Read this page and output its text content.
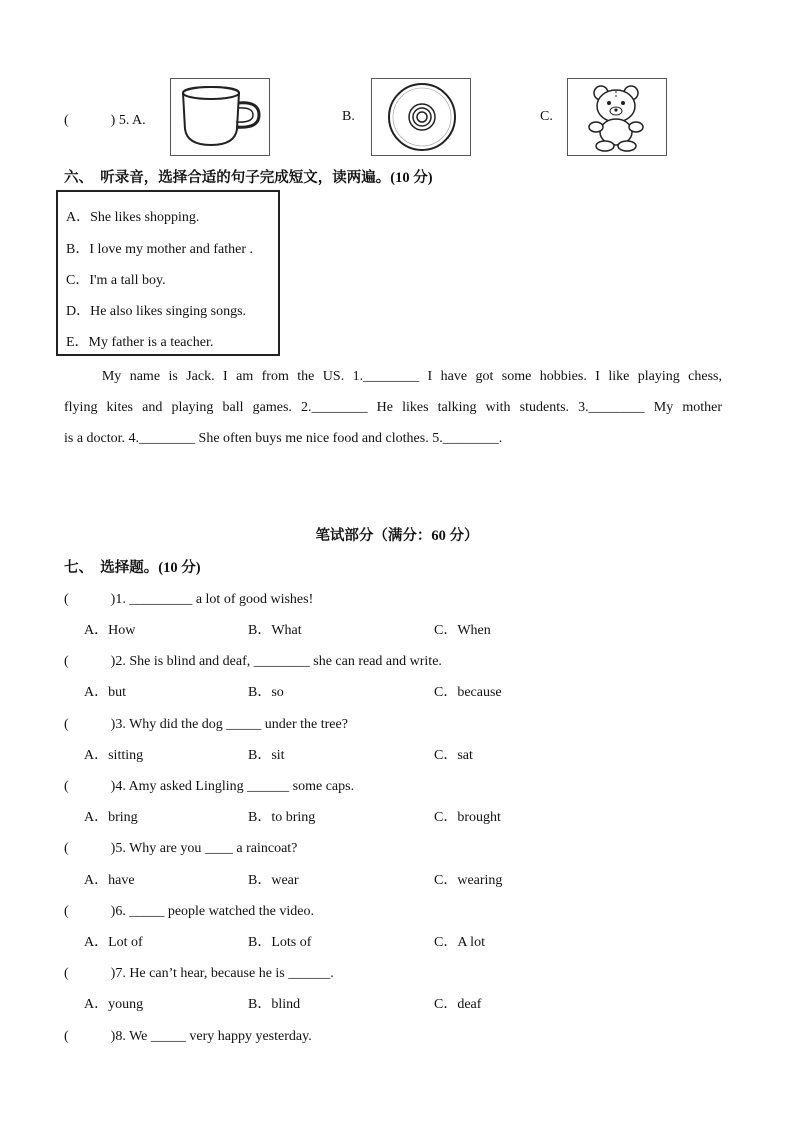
(　　　) 5. A.	B.	C.
六、　听录音，选择合适的句子完成短文，读两遍。(10 分)
A．She likes shopping.
B．I love my mother and father .
C．I'm a tall boy.
D．He also likes singing songs.
E．My father is a teacher.
　　My name is Jack. I am from the US. 1.________ I have got some hobbies. I like playing chess,
flying kites and playing ball games. 2.________ He likes talking with students. 3.________ My mother
is a doctor. 4.________ She often buys me nice food and clothes. 5.________.
笔试部分（满分：60 分）
七、　选择题。(10 分)
(　　　)1. _________ a lot of good wishes!
A．How	B．What	C．When
(　　　)2. She is blind and deaf, ________ she can read and write.
A．but	B．so	C．because
(　　　)3. Why did the dog _____ under the tree?
A．sitting	B．sit	C．sat
(　　　)4. Amy asked Lingling ______ some caps.
A．bring	B．to bring	C．brought
(　　　)5. Why are you ____ a raincoat?
A．have	B．wear	C．wearing
(　　　)6. _____ people watched the video.
A．Lot of	B．Lots of	C．A lot
(　　　)7. He can’t hear, because he is ______.
A．young	B．blind	C．deaf
(　　　)8. We _____ very happy yesterday.
